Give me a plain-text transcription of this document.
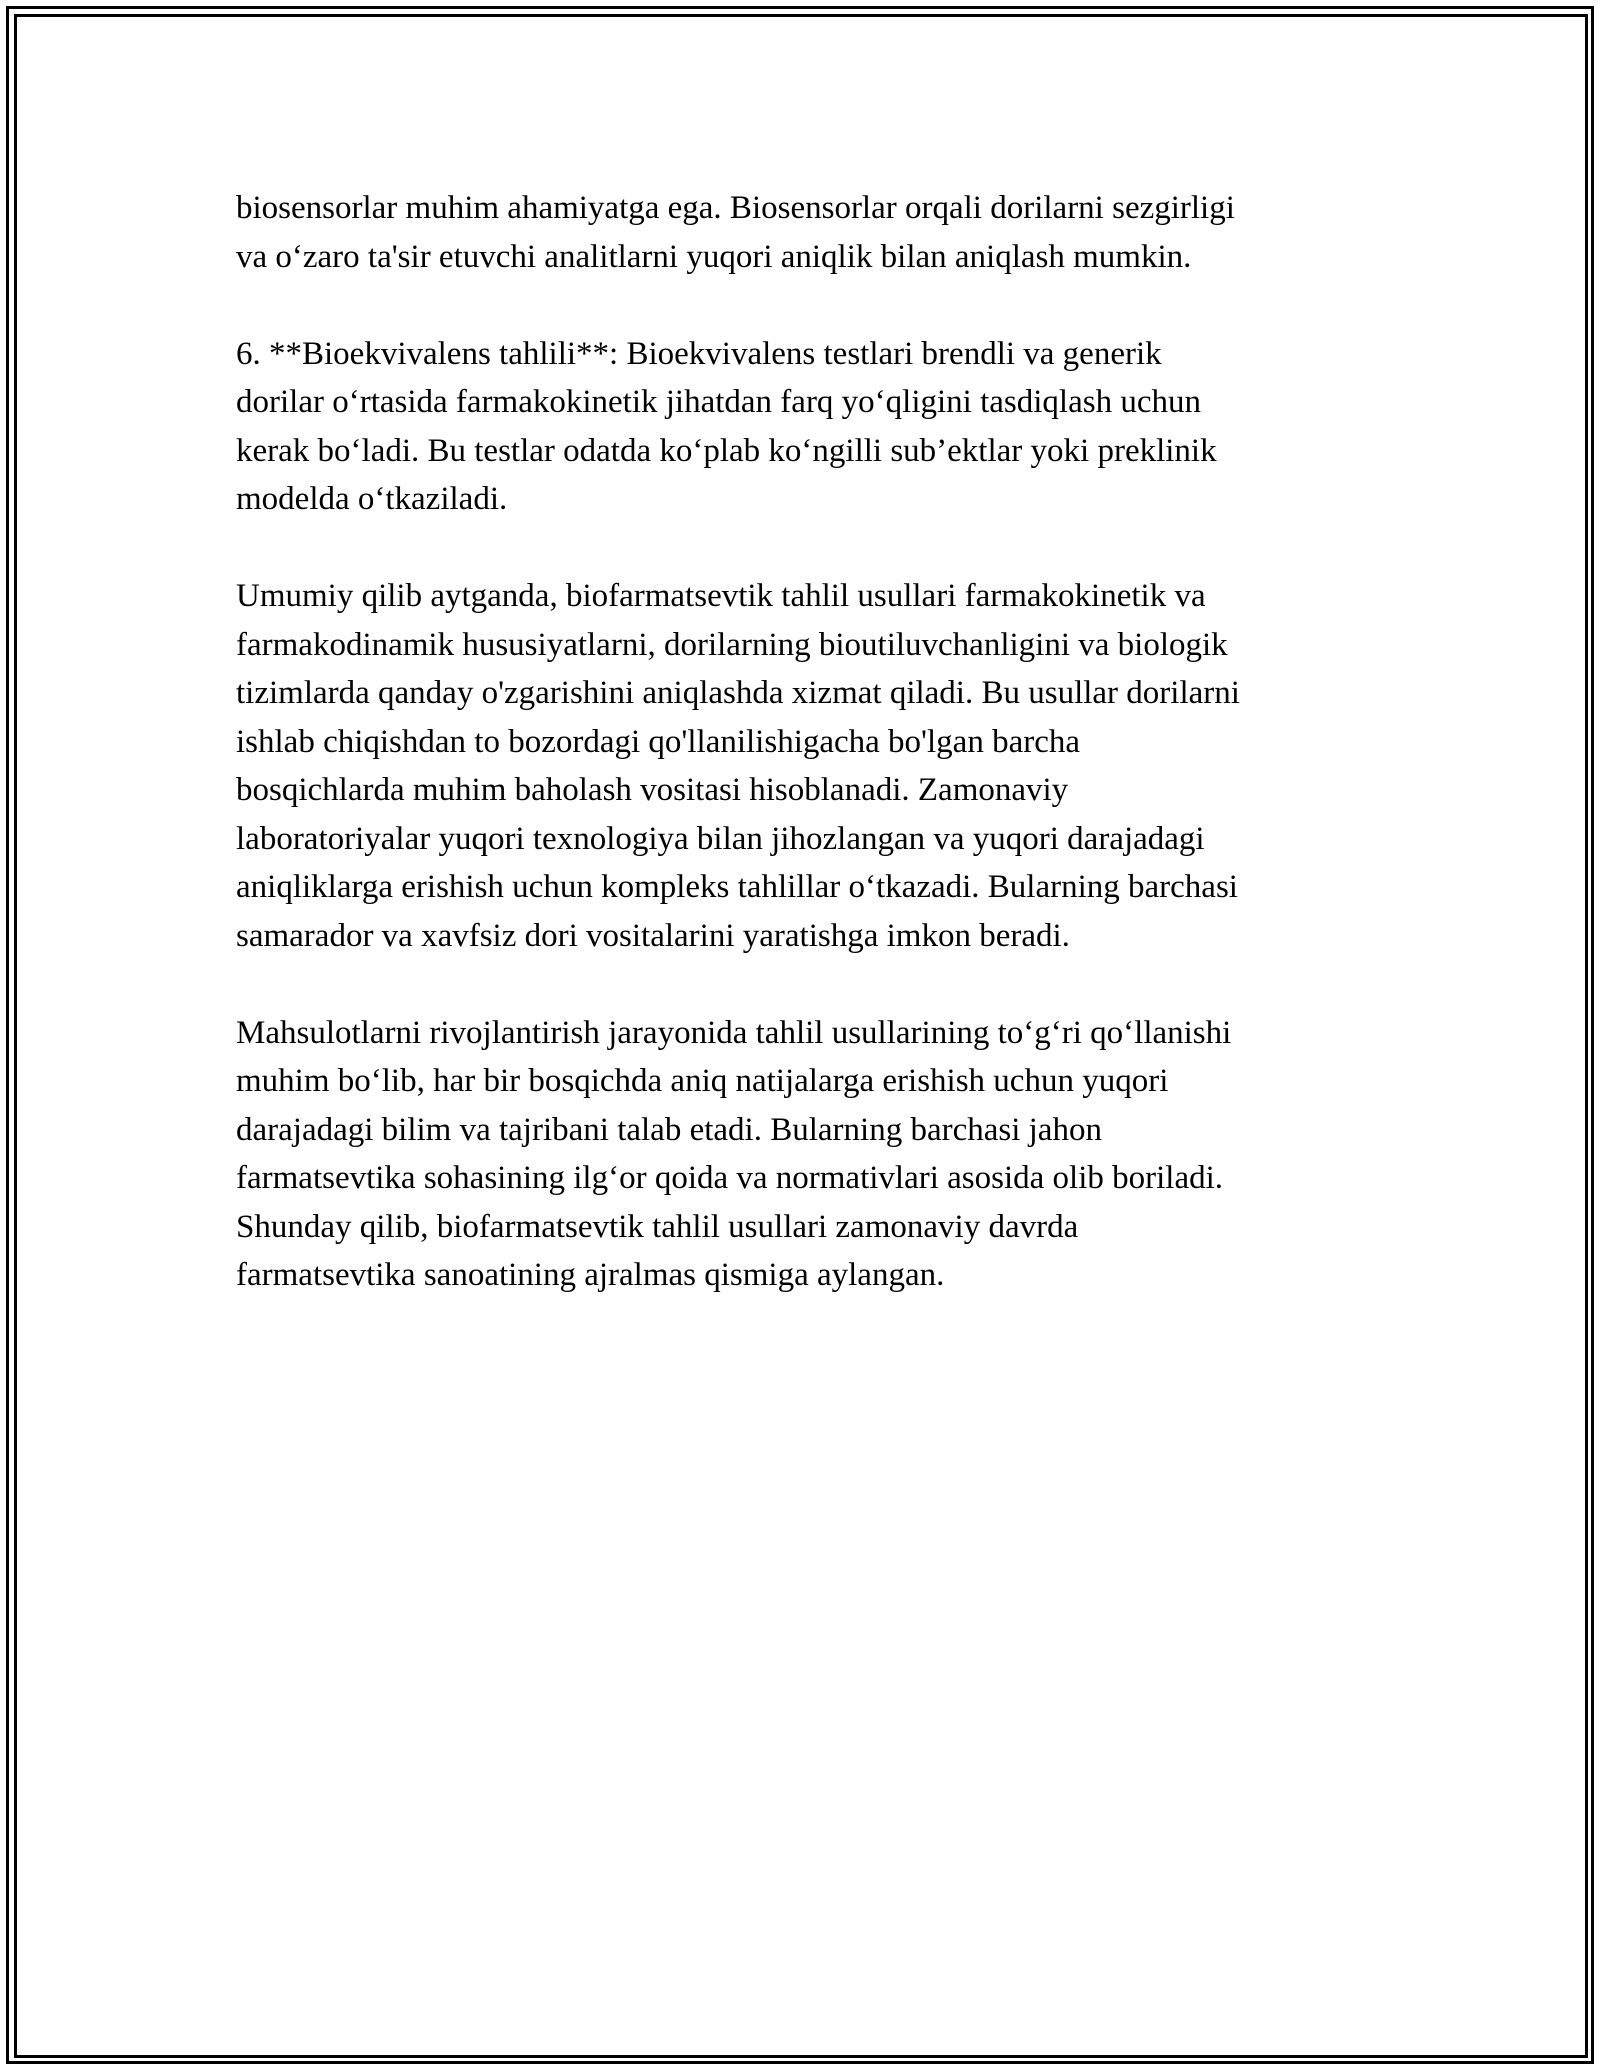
biosensorlar muhim ahamiyatga ega. Biosensorlar orqali dorilarni sezgirligi
va o‘zaro ta'sir etuvchi analitlarni yuqori aniqlik bilan aniqlash mumkin.

6. **Bioekvivalens tahlili**: Bioekvivalens testlari brendli va generik
dorilar o‘rtasida farmakokinetik jihatdan farq yo‘qligini tasdiqlash uchun
kerak bo‘ladi. Bu testlar odatda ko‘plab ko‘ngilli sub’ektlar yoki preklinik
modelda o‘tkaziladi.

Umumiy qilib aytganda, biofarmatsevtik tahlil usullari farmakokinetik va
farmakodinamik hususiyatlarni, dorilarning bioutiluvchanligini va biologik
tizimlarda qanday o'zgarishini aniqlashda xizmat qiladi. Bu usullar dorilarni
ishlab chiqishdan to bozordagi qo'llanilishigacha bo'lgan barcha
bosqichlarda muhim baholash vositasi hisoblanadi. Zamonaviy
laboratoriyalar yuqori texnologiya bilan jihozlangan va yuqori darajadagi
aniqliklarga erishish uchun kompleks tahlillar o‘tkazadi. Bularning barchasi
samarador va xavfsiz dori vositalarini yaratishga imkon beradi.

Mahsulotlarni rivojlantirish jarayonida tahlil usullarining to‘g‘ri qo‘llanishi
muhim bo‘lib, har bir bosqichda aniq natijalarga erishish uchun yuqori
darajadagi bilim va tajribani talab etadi. Bularning barchasi jahon
farmatsevtika sohasining ilg‘or qoida va normativlari asosida olib boriladi.
Shunday qilib, biofarmatsevtik tahlil usullari zamonaviy davrda
farmatsevtika sanoatining ajralmas qismiga aylangan.
